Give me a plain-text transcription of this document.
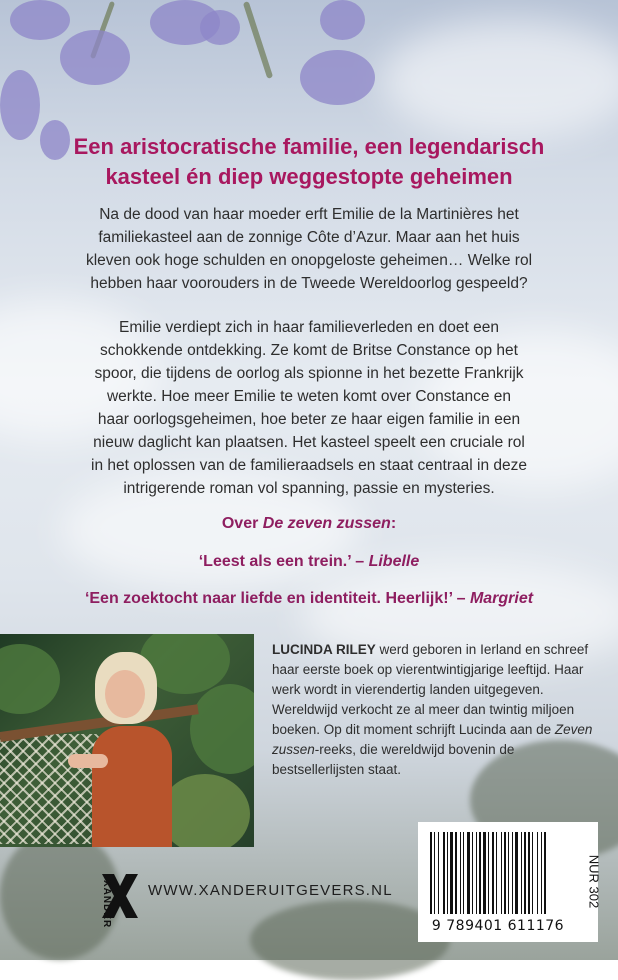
Een aristocratische familie, een legendarisch
kasteel én diep weggestopte geheimen

Na de dood van haar moeder erft Emilie de la Martinières het
familiekasteel aan de zonnige Côte d’Azur. Maar aan het huis
kleven ook hoge schulden en onopgeloste geheimen… Welke rol
hebben haar voorouders in de Tweede Wereldoorlog gespeeld?

Emilie verdiept zich in haar familieverleden en doet een
schokkende ontdekking. Ze komt de Britse Constance op het
spoor, die tijdens de oorlog als spionne in het bezette Frankrijk
werkte. Hoe meer Emilie te weten komt over Constance en
haar oorlogsgeheimen, hoe beter ze haar eigen familie in een
nieuw daglicht kan plaatsen. Het kasteel speelt een cruciale rol
in het oplossen van de familieraadsels en staat centraal in deze
intrigerende roman vol spanning, passie en mysteries.

Over De zeven zussen:

‘Leest als een trein.’ – Libelle

‘Een zoektocht naar liefde en identiteit. Heerlijk!’ – Margriet

LUCINDA RILEY werd geboren in Ierland en schreef haar eerste boek op vierentwintigjarige leeftijd. Haar werk wordt in vierendertig landen uitgegeven. Wereldwijd verkocht ze al meer dan twintig miljoen boeken. Op dit moment schrijft Lucinda aan de Zeven zussen-reeks, die wereldwijd bovenin de bestsellerlijsten staat.

9 789401 611176
NUR 302
XANDER WWW.XANDERUITGEVERS.NL
